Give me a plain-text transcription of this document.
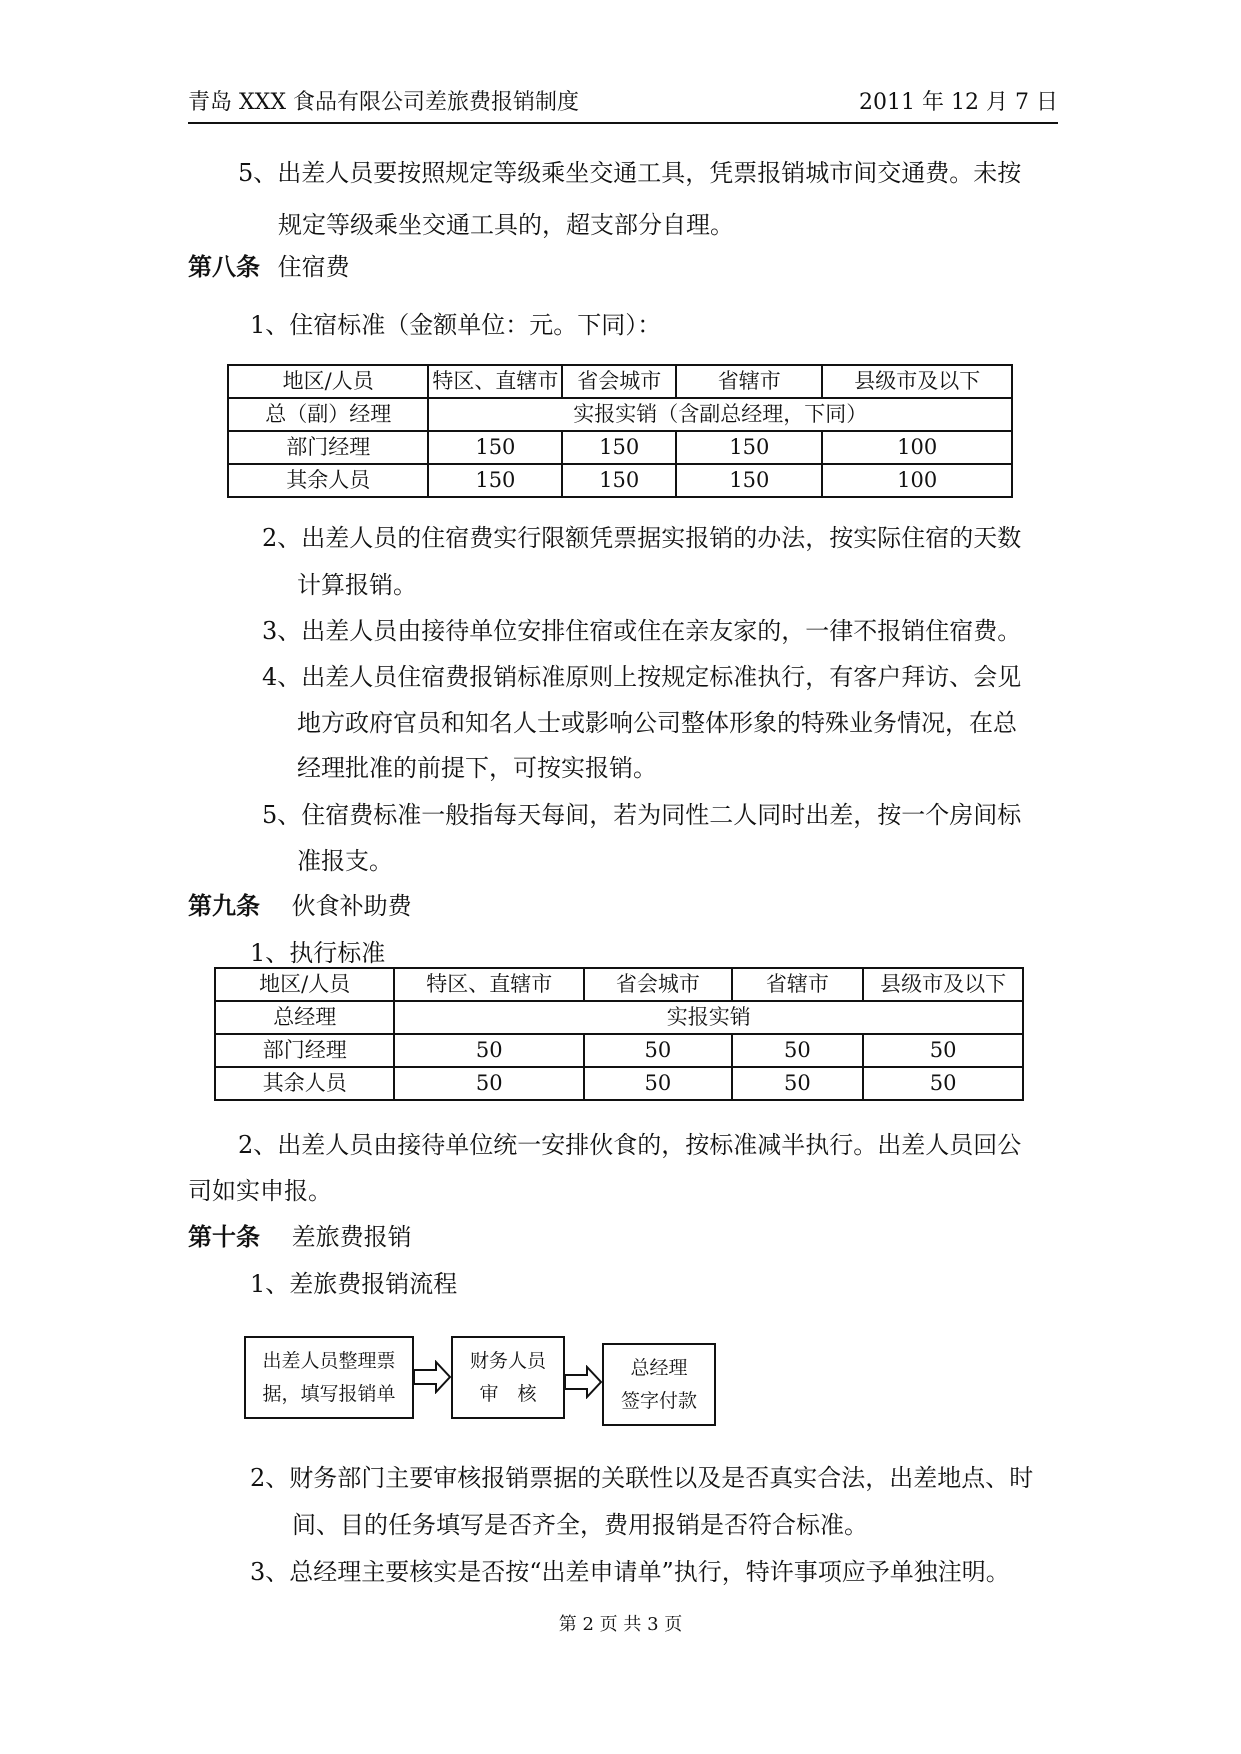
青岛 XXX 食品有限公司差旅费报销制度	2011 年 12 月 7 日
5、出差人员要按照规定等级乘坐交通工具，凭票报销城市间交通费。未按
规定等级乘坐交通工具的，超支部分自理。
第八条 住宿费
1、住宿标准（金额单位：元。下同）：
地区/人员	特区、直辖市	省会城市	省辖市	县级市及以下
总（副）经理	实报实销（含副总经理，下同）			
部门经理	150	150	150	100
其余人员	150	150	150	100
2、出差人员的住宿费实行限额凭票据实报销的办法，按实际住宿的天数
计算报销。
3、出差人员由接待单位安排住宿或住在亲友家的，一律不报销住宿费。
4、出差人员住宿费报销标准原则上按规定标准执行，有客户拜访、会见
地方政府官员和知名人士或影响公司整体形象的特殊业务情况，在总
经理批准的前提下，可按实报销。
5、住宿费标准一般指每天每间，若为同性二人同时出差，按一个房间标
准报支。
第九条 伙食补助费
1、执行标准
地区/人员	特区、直辖市	省会城市	省辖市	县级市及以下
总经理	实报实销			
部门经理	50	50	50	50
其余人员	50	50	50	50
2、出差人员由接待单位统一安排伙食的，按标准减半执行。出差人员回公
司如实申报。
第十条 差旅费报销
1、差旅费报销流程
出差人员整理票
据，填写报销单
财务人员
审　核
总经理
签字付款
2、财务部门主要审核报销票据的关联性以及是否真实合法，出差地点、时
间、目的任务填写是否齐全，费用报销是否符合标准。
3、总经理主要核实是否按“出差申请单”执行，特许事项应予单独注明。
第 2 页 共 3 页
